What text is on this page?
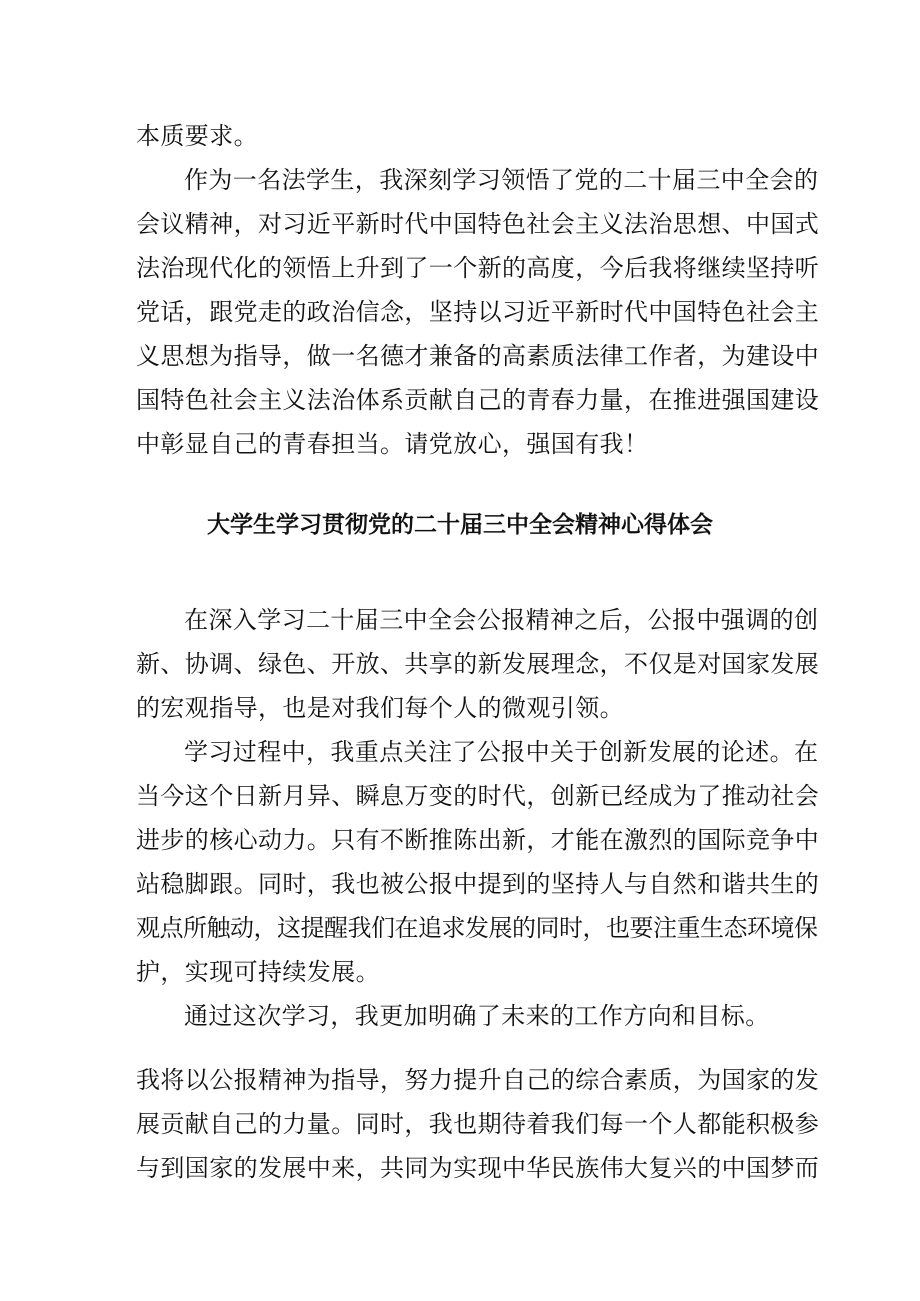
本质要求。
作为一名法学生，我深刻学习领悟了党的二十届三中全会的
会议精神，对习近平新时代中国特色社会主义法治思想、中国式
法治现代化的领悟上升到了一个新的高度，今后我将继续坚持听
党话，跟党走的政治信念，坚持以习近平新时代中国特色社会主
义思想为指导，做一名德才兼备的高素质法律工作者，为建设中
国特色社会主义法治体系贡献自己的青春力量，在推进强国建设
中彰显自己的青春担当。请党放心，强国有我！
大学生学习贯彻党的二十届三中全会精神心得体会
在深入学习二十届三中全会公报精神之后，公报中强调的创
新、协调、绿色、开放、共享的新发展理念，不仅是对国家发展
的宏观指导，也是对我们每个人的微观引领。
学习过程中，我重点关注了公报中关于创新发展的论述。在
当今这个日新月异、瞬息万变的时代，创新已经成为了推动社会
进步的核心动力。只有不断推陈出新，才能在激烈的国际竞争中
站稳脚跟。同时，我也被公报中提到的坚持人与自然和谐共生的
观点所触动，这提醒我们在追求发展的同时，也要注重生态环境保
护，实现可持续发展。
通过这次学习，我更加明确了未来的工作方向和目标。
我将以公报精神为指导，努力提升自己的综合素质，为国家的发
展贡献自己的力量。同时，我也期待着我们每一个人都能积极参
与到国家的发展中来，共同为实现中华民族伟大复兴的中国梦而
